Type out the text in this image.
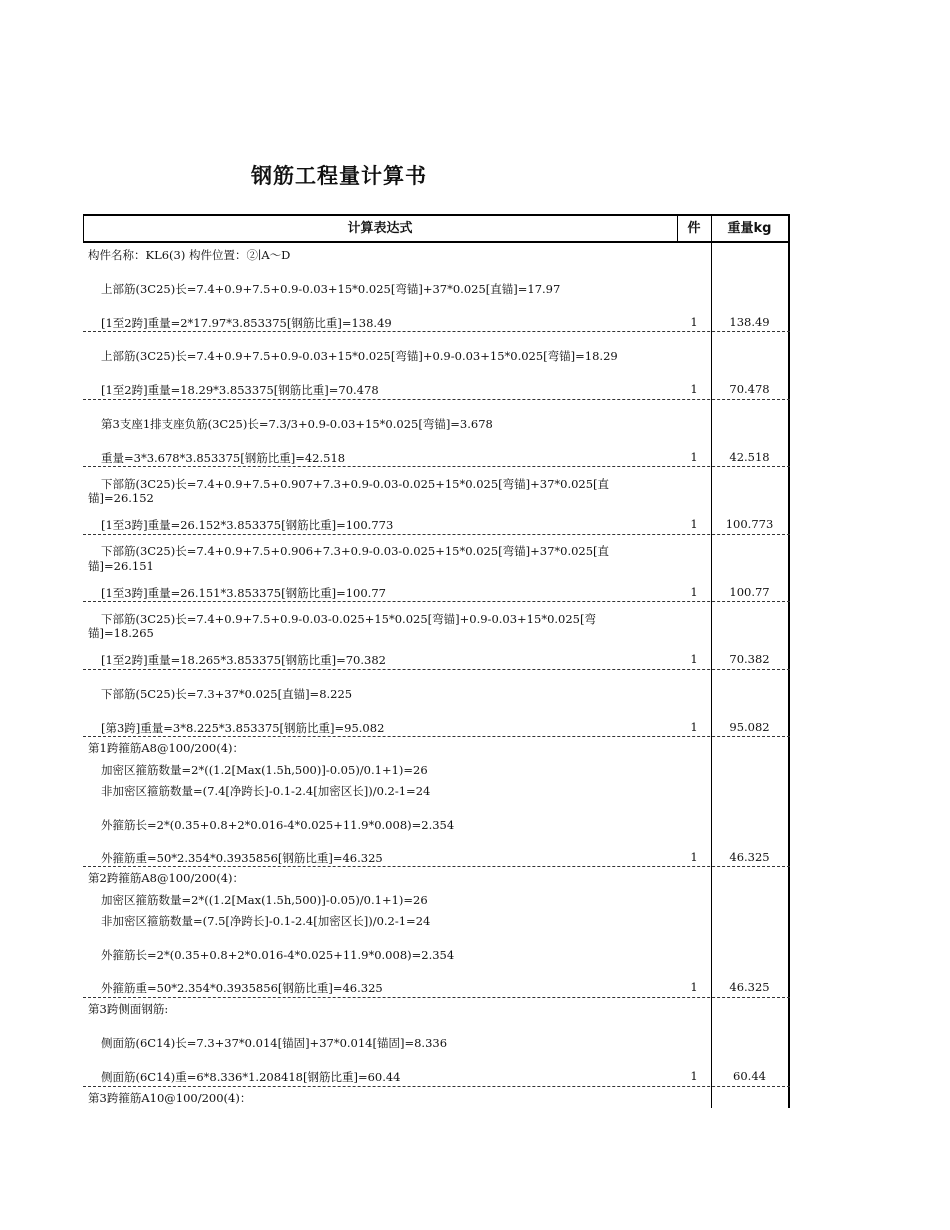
钢筋工程量计算书
计算表达式	件	重量kg
构件名称：KL6(3) 构件位置：②∣A～D
上部筋(3C25)长=7.4+0.9+7.5+0.9-0.03+15*0.025[弯锚]+37*0.025[直锚]=17.97
[1至2跨]重量=2*17.97*3.853375[钢筋比重]=138.49	1	138.49
上部筋(3C25)长=7.4+0.9+7.5+0.9-0.03+15*0.025[弯锚]+0.9-0.03+15*0.025[弯锚]=18.29
[1至2跨]重量=18.29*3.853375[钢筋比重]=70.478	1	70.478
第3支座1排支座负筋(3C25)长=7.3/3+0.9-0.03+15*0.025[弯锚]=3.678
重量=3*3.678*3.853375[钢筋比重]=42.518	1	42.518
下部筋(3C25)长=7.4+0.9+7.5+0.907+7.3+0.9-0.03-0.025+15*0.025[弯锚]+37*0.025[直
锚]=26.152
[1至3跨]重量=26.152*3.853375[钢筋比重]=100.773	1	100.773
下部筋(3C25)长=7.4+0.9+7.5+0.906+7.3+0.9-0.03-0.025+15*0.025[弯锚]+37*0.025[直
锚]=26.151
[1至3跨]重量=26.151*3.853375[钢筋比重]=100.77	1	100.77
下部筋(3C25)长=7.4+0.9+7.5+0.9-0.03-0.025+15*0.025[弯锚]+0.9-0.03+15*0.025[弯
锚]=18.265
[1至2跨]重量=18.265*3.853375[钢筋比重]=70.382	1	70.382
下部筋(5C25)长=7.3+37*0.025[直锚]=8.225
[第3跨]重量=3*8.225*3.853375[钢筋比重]=95.082	1	95.082
第1跨箍筋A8@100/200(4)：
加密区箍筋数量=2*((1.2[Max(1.5h,500)]-0.05)/0.1+1)=26
非加密区箍筋数量=(7.4[净跨长]-0.1-2.4[加密区长])/0.2-1=24
外箍筋长=2*(0.35+0.8+2*0.016-4*0.025+11.9*0.008)=2.354
外箍筋重=50*2.354*0.3935856[钢筋比重]=46.325	1	46.325
第2跨箍筋A8@100/200(4)：
加密区箍筋数量=2*((1.2[Max(1.5h,500)]-0.05)/0.1+1)=26
非加密区箍筋数量=(7.5[净跨长]-0.1-2.4[加密区长])/0.2-1=24
外箍筋长=2*(0.35+0.8+2*0.016-4*0.025+11.9*0.008)=2.354
外箍筋重=50*2.354*0.3935856[钢筋比重]=46.325	1	46.325
第3跨侧面钢筋:
侧面筋(6C14)长=7.3+37*0.014[锚固]+37*0.014[锚固]=8.336
侧面筋(6C14)重=6*8.336*1.208418[钢筋比重]=60.44	1	60.44
第3跨箍筋A10@100/200(4)：
